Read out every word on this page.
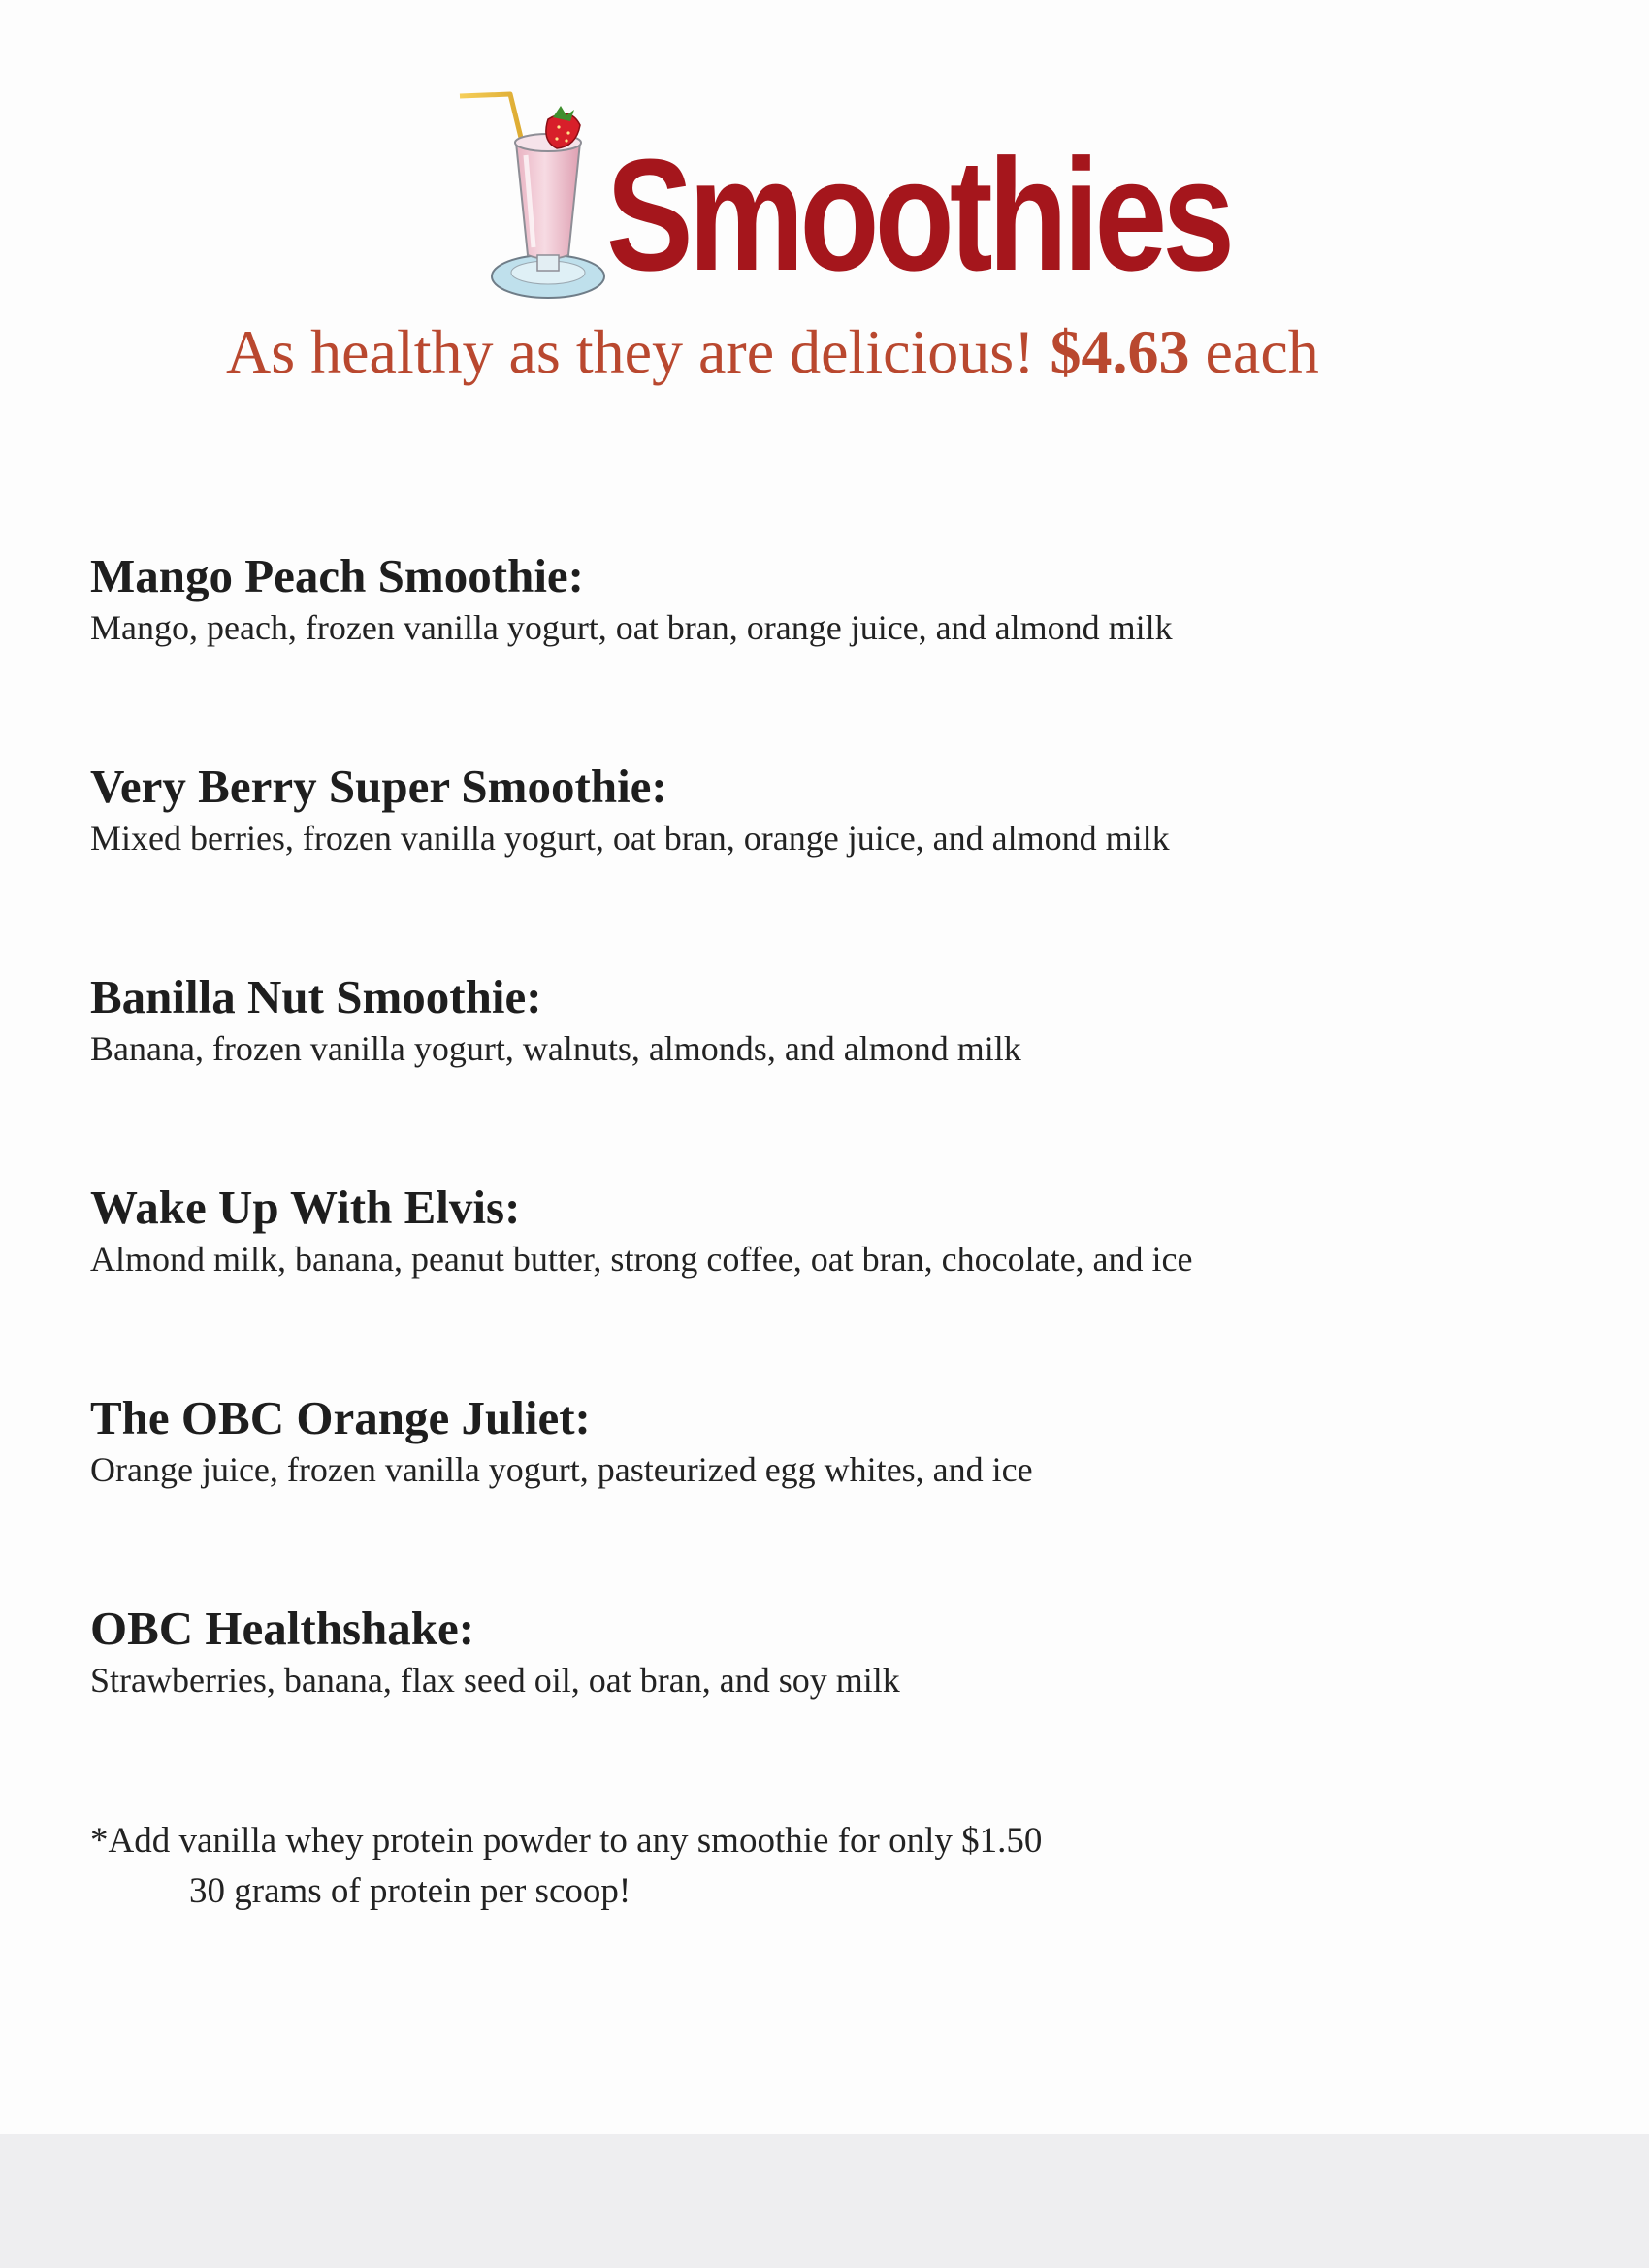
Smoothies

As healthy as they are delicious! $4.63 each

Mango Peach Smoothie:

Mango, peach, frozen vanilla yogurt, oat bran, orange juice, and almond milk

Very Berry Super Smoothie:

Mixed berries, frozen vanilla yogurt, oat bran, orange juice, and almond milk

Banilla Nut Smoothie:

Banana, frozen vanilla yogurt, walnuts, almonds, and almond milk

Wake Up With Elvis:

Almond milk, banana, peanut butter, strong coffee, oat bran, chocolate, and ice

The OBC Orange Juliet:

Orange juice, frozen vanilla yogurt, pasteurized egg whites, and ice

OBC Healthshake:

Strawberries, banana, flax seed oil, oat bran, and soy milk

*Add vanilla whey protein powder to any smoothie for only $1.50
30 grams of protein per scoop!
